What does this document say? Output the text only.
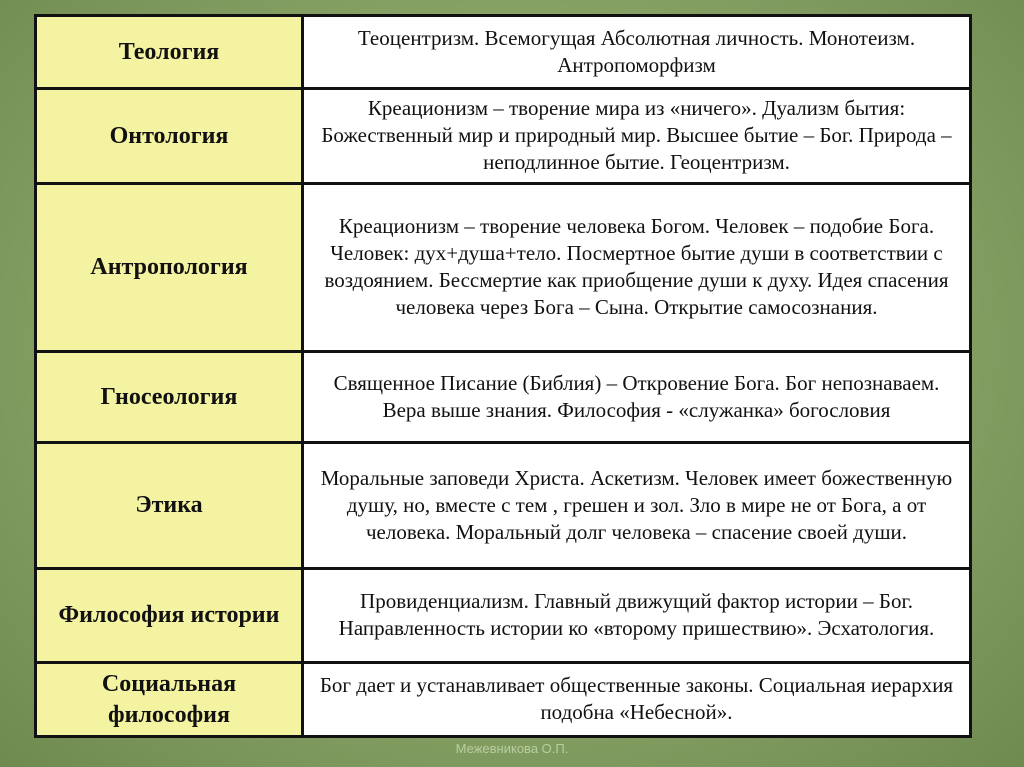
Теология	Теоцентризм. Всемогущая Абсолютная личность. Монотеизм. Антропоморфизм
Онтология	Креационизм – творение мира из «ничего». Дуализм бытия: Божественный мир и природный мир. Высшее бытие – Бог. Природа – неподлинное бытие. Геоцентризм.
Антропология	Креационизм – творение человека Богом. Человек – подобие Бога. Человек: дух+душа+тело. Посмертное бытие души в соответствии с воздоянием. Бессмертие как приобщение души к духу. Идея спасения человека через Бога – Сына. Открытие самосознания.
Гносеология	Священное Писание (Библия) – Откровение Бога. Бог непознаваем. Вера выше знания. Философия - «служанка» богословия
Этика	Моральные заповеди Христа. Аскетизм. Человек имеет божественную душу, но, вместе с тем , грешен и зол. Зло в мире не от Бога, а от человека. Моральный долг человека – спасение своей души.
Философия истории	Провиденциализм. Главный движущий фактор истории – Бог. Направленность истории ко «второму пришествию». Эсхатология.
Социальная философия	Бог дает и устанавливает общественные законы. Социальная иерархия подобна «Небесной».
Межевникова О.П.
